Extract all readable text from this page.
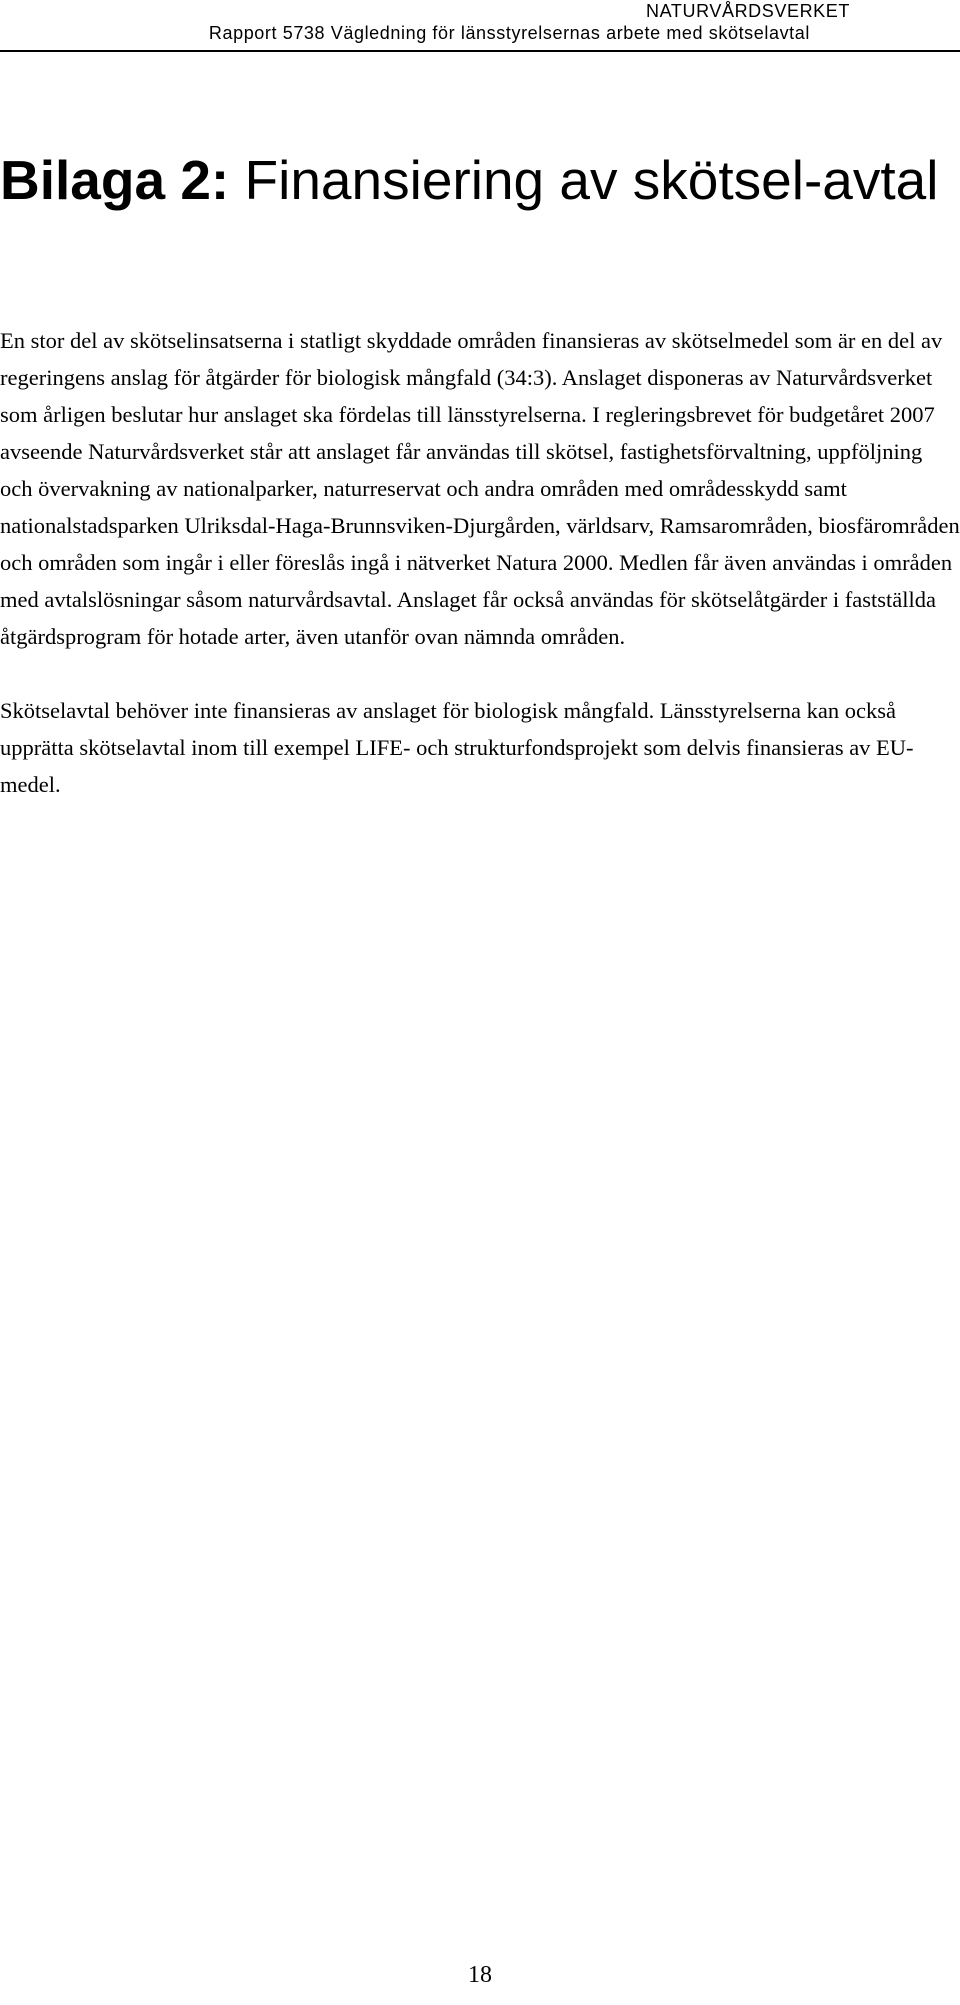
NATURVÅRDSVERKET
Rapport 5738 Vägledning för länsstyrelsernas arbete med skötselavtal
Bilaga 2: Finansiering av skötsel-avtal

En stor del av skötselinsatserna i statligt skyddade områden finansieras av skötselmedel som är en del av regeringens anslag för åtgärder för biologisk mångfald (34:3). Anslaget disponeras av Naturvårdsverket som årligen beslutar hur anslaget ska fördelas till länsstyrelserna. I regleringsbrevet för budgetåret 2007 avseende Naturvårdsverket står att anslaget får användas till skötsel, fastighetsförvaltning, uppföljning och övervakning av nationalparker, naturreservat och andra områden med områdesskydd samt nationalstadsparken Ulriksdal-Haga-Brunnsviken-Djurgården, världsarv, Ramsarområden, biosfärområden och områden som ingår i eller föreslås ingå i nätverket Natura 2000. Medlen får även användas i områden med avtalslösningar såsom naturvårdsavtal. Anslaget får också användas för skötselåtgärder i fastställda åtgärdsprogram för hotade arter, även utanför ovan nämnda områden.

Skötselavtal behöver inte finansieras av anslaget för biologisk mångfald. Länsstyrelserna kan också upprätta skötselavtal inom till exempel LIFE- och strukturfondsprojekt som delvis finansieras av EU-medel.

18
